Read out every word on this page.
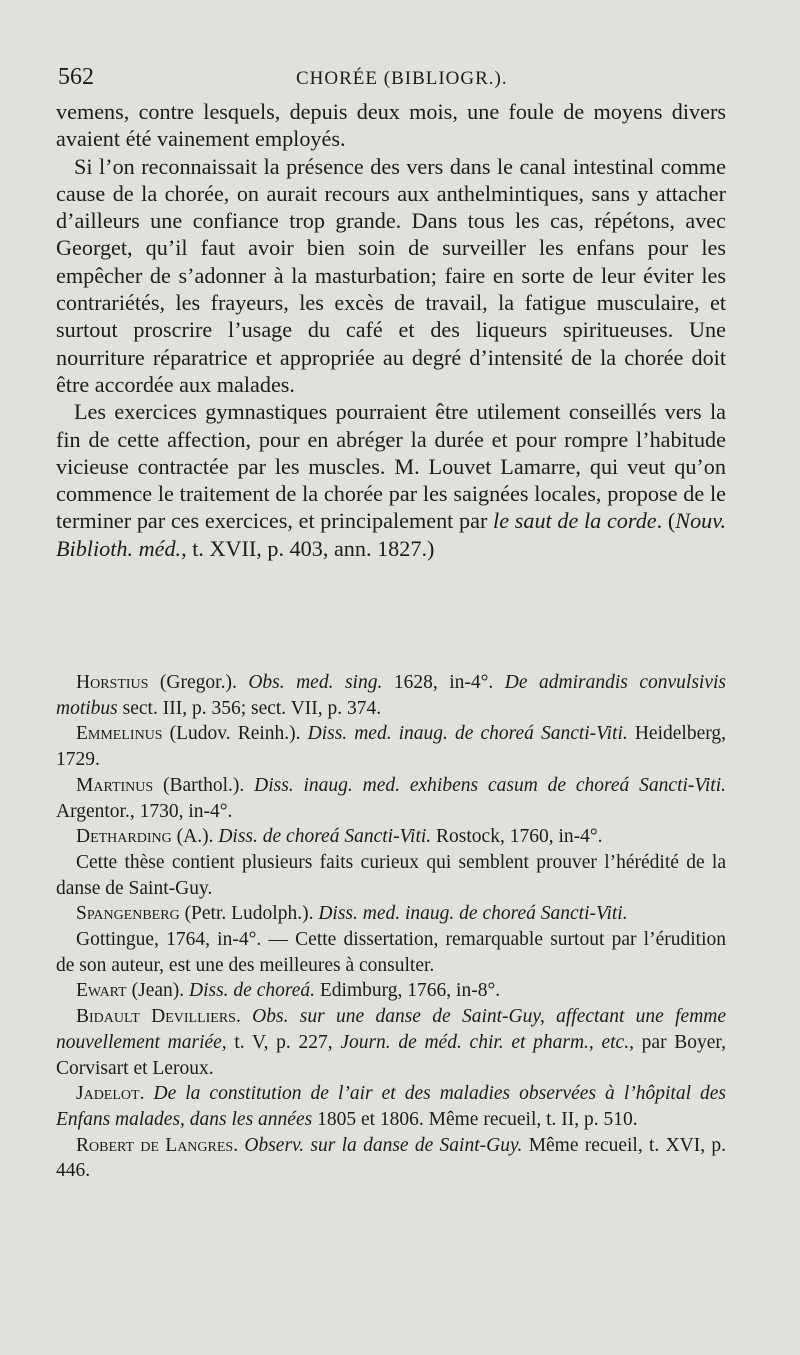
562	CHORÉE (BIBLIOGR.).

vemens, contre lesquels, depuis deux mois, une foule de moyens divers avaient été vainement employés.

Si l’on reconnaissait la présence des vers dans le canal intestinal comme cause de la chorée, on aurait recours aux anthelmintiques, sans y attacher d’ailleurs une confiance trop grande. Dans tous les cas, répétons, avec Georget, qu’il faut avoir bien soin de surveiller les enfans pour les empêcher de s’adonner à la masturbation; faire en sorte de leur éviter les contrariétés, les frayeurs, les excès de travail, la fatigue musculaire, et surtout proscrire l’usage du café et des liqueurs spiritueuses. Une nourriture réparatrice et appropriée au degré d’intensité de la chorée doit être accordée aux malades.

Les exercices gymnastiques pourraient être utilement conseillés vers la fin de cette affection, pour en abréger la durée et pour rompre l’habitude vicieuse contractée par les muscles. M. Louvet Lamarre, qui veut qu’on commence le traitement de la chorée par les saignées locales, propose de le terminer par ces exercices, et principalement par le saut de la corde. (Nouv. Biblioth. méd., t. XVII, p. 403, ann. 1827.)

Horstius (Gregor.). Obs. med. sing. 1628, in-4°. De admirandis convulsivis motibus sect. III, p. 356; sect. VII, p. 374.

Emmelinus (Ludov. Reinh.). Diss. med. inaug. de choreá Sancti-Viti. Heidelberg, 1729.

Martinus (Barthol.). Diss. inaug. med. exhibens casum de choreá Sancti-Viti. Argentor., 1730, in-4°.

Detharding (A.). Diss. de choreá Sancti-Viti. Rostock, 1760, in-4°.

Cette thèse contient plusieurs faits curieux qui semblent prouver l’hérédité de la danse de Saint-Guy.

Spangenberg (Petr. Ludolph.). Diss. med. inaug. de choreá Sancti-Viti.

Gottingue, 1764, in-4°. — Cette dissertation, remarquable surtout par l’érudition de son auteur, est une des meilleures à consulter.

Ewart (Jean). Diss. de choreá. Edimburg, 1766, in-8°.

Bidault Devilliers. Obs. sur une danse de Saint-Guy, affectant une femme nouvellement mariée, t. V, p. 227, Journ. de méd. chir. et pharm., etc., par Boyer, Corvisart et Leroux.

Jadelot. De la constitution de l’air et des maladies observées à l’hôpital des Enfans malades, dans les années 1805 et 1806. Même recueil, t. II, p. 510.

Robert de Langres. Observ. sur la danse de Saint-Guy. Même recueil, t. XVI, p. 446.
